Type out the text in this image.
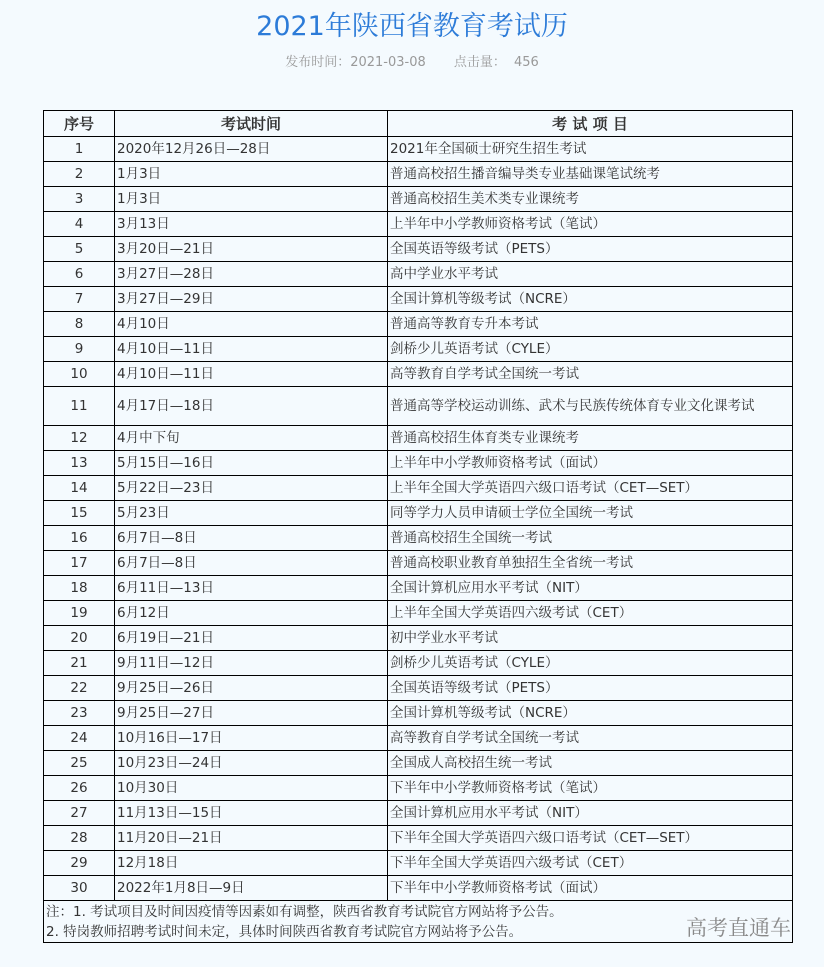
2021年陕西省教育考试历
发布时间：2021-03-08 点击量： 456
序号	考试时间	考 试 项 目
1	2020年12月26日—28日	2021年全国硕士研究生招生考试
2	1月3日	普通高校招生播音编导类专业基础课笔试统考
3	1月3日	普通高校招生美术类专业课统考
4	3月13日	上半年中小学教师资格考试（笔试）
5	3月20日—21日	全国英语等级考试（PETS）
6	3月27日—28日	高中学业水平考试
7	3月27日—29日	全国计算机等级考试（NCRE）
8	4月10日	普通高等教育专升本考试
9	4月10日—11日	剑桥少儿英语考试（CYLE）
10	4月10日—11日	高等教育自学考试全国统一考试
11	4月17日—18日	普通高等学校运动训练、武术与民族传统体育专业文化课考试
12	4月中下旬	普通高校招生体育类专业课统考
13	5月15日—16日	上半年中小学教师资格考试（面试）
14	5月22日—23日	上半年全国大学英语四六级口语考试（CET—SET）
15	5月23日	同等学力人员申请硕士学位全国统一考试
16	6月7日—8日	普通高校招生全国统一考试
17	6月7日—8日	普通高校职业教育单独招生全省统一考试
18	6月11日—13日	全国计算机应用水平考试（NIT）
19	6月12日	上半年全国大学英语四六级考试（CET）
20	6月19日—21日	初中学业水平考试
21	9月11日—12日	剑桥少儿英语考试（CYLE）
22	9月25日—26日	全国英语等级考试（PETS）
23	9月25日—27日	全国计算机等级考试（NCRE）
24	10月16日—17日	高等教育自学考试全国统一考试
25	10月23日—24日	全国成人高校招生统一考试
26	10月30日	下半年中小学教师资格考试（笔试）
27	11月13日—15日	全国计算机应用水平考试（NIT）
28	11月20日—21日	下半年全国大学英语四六级口语考试（CET—SET）
29	12月18日	下半年全国大学英语四六级考试（CET）
30	2022年1月8日—9日	下半年中小学教师资格考试（面试）

注：1. 考试项目及时间因疫情等因素如有调整，陕西省教育考试院官方网站将予公告。
2. 特岗教师招聘考试时间未定，具体时间陕西省教育考试院官方网站将予公告。			高考直通车
